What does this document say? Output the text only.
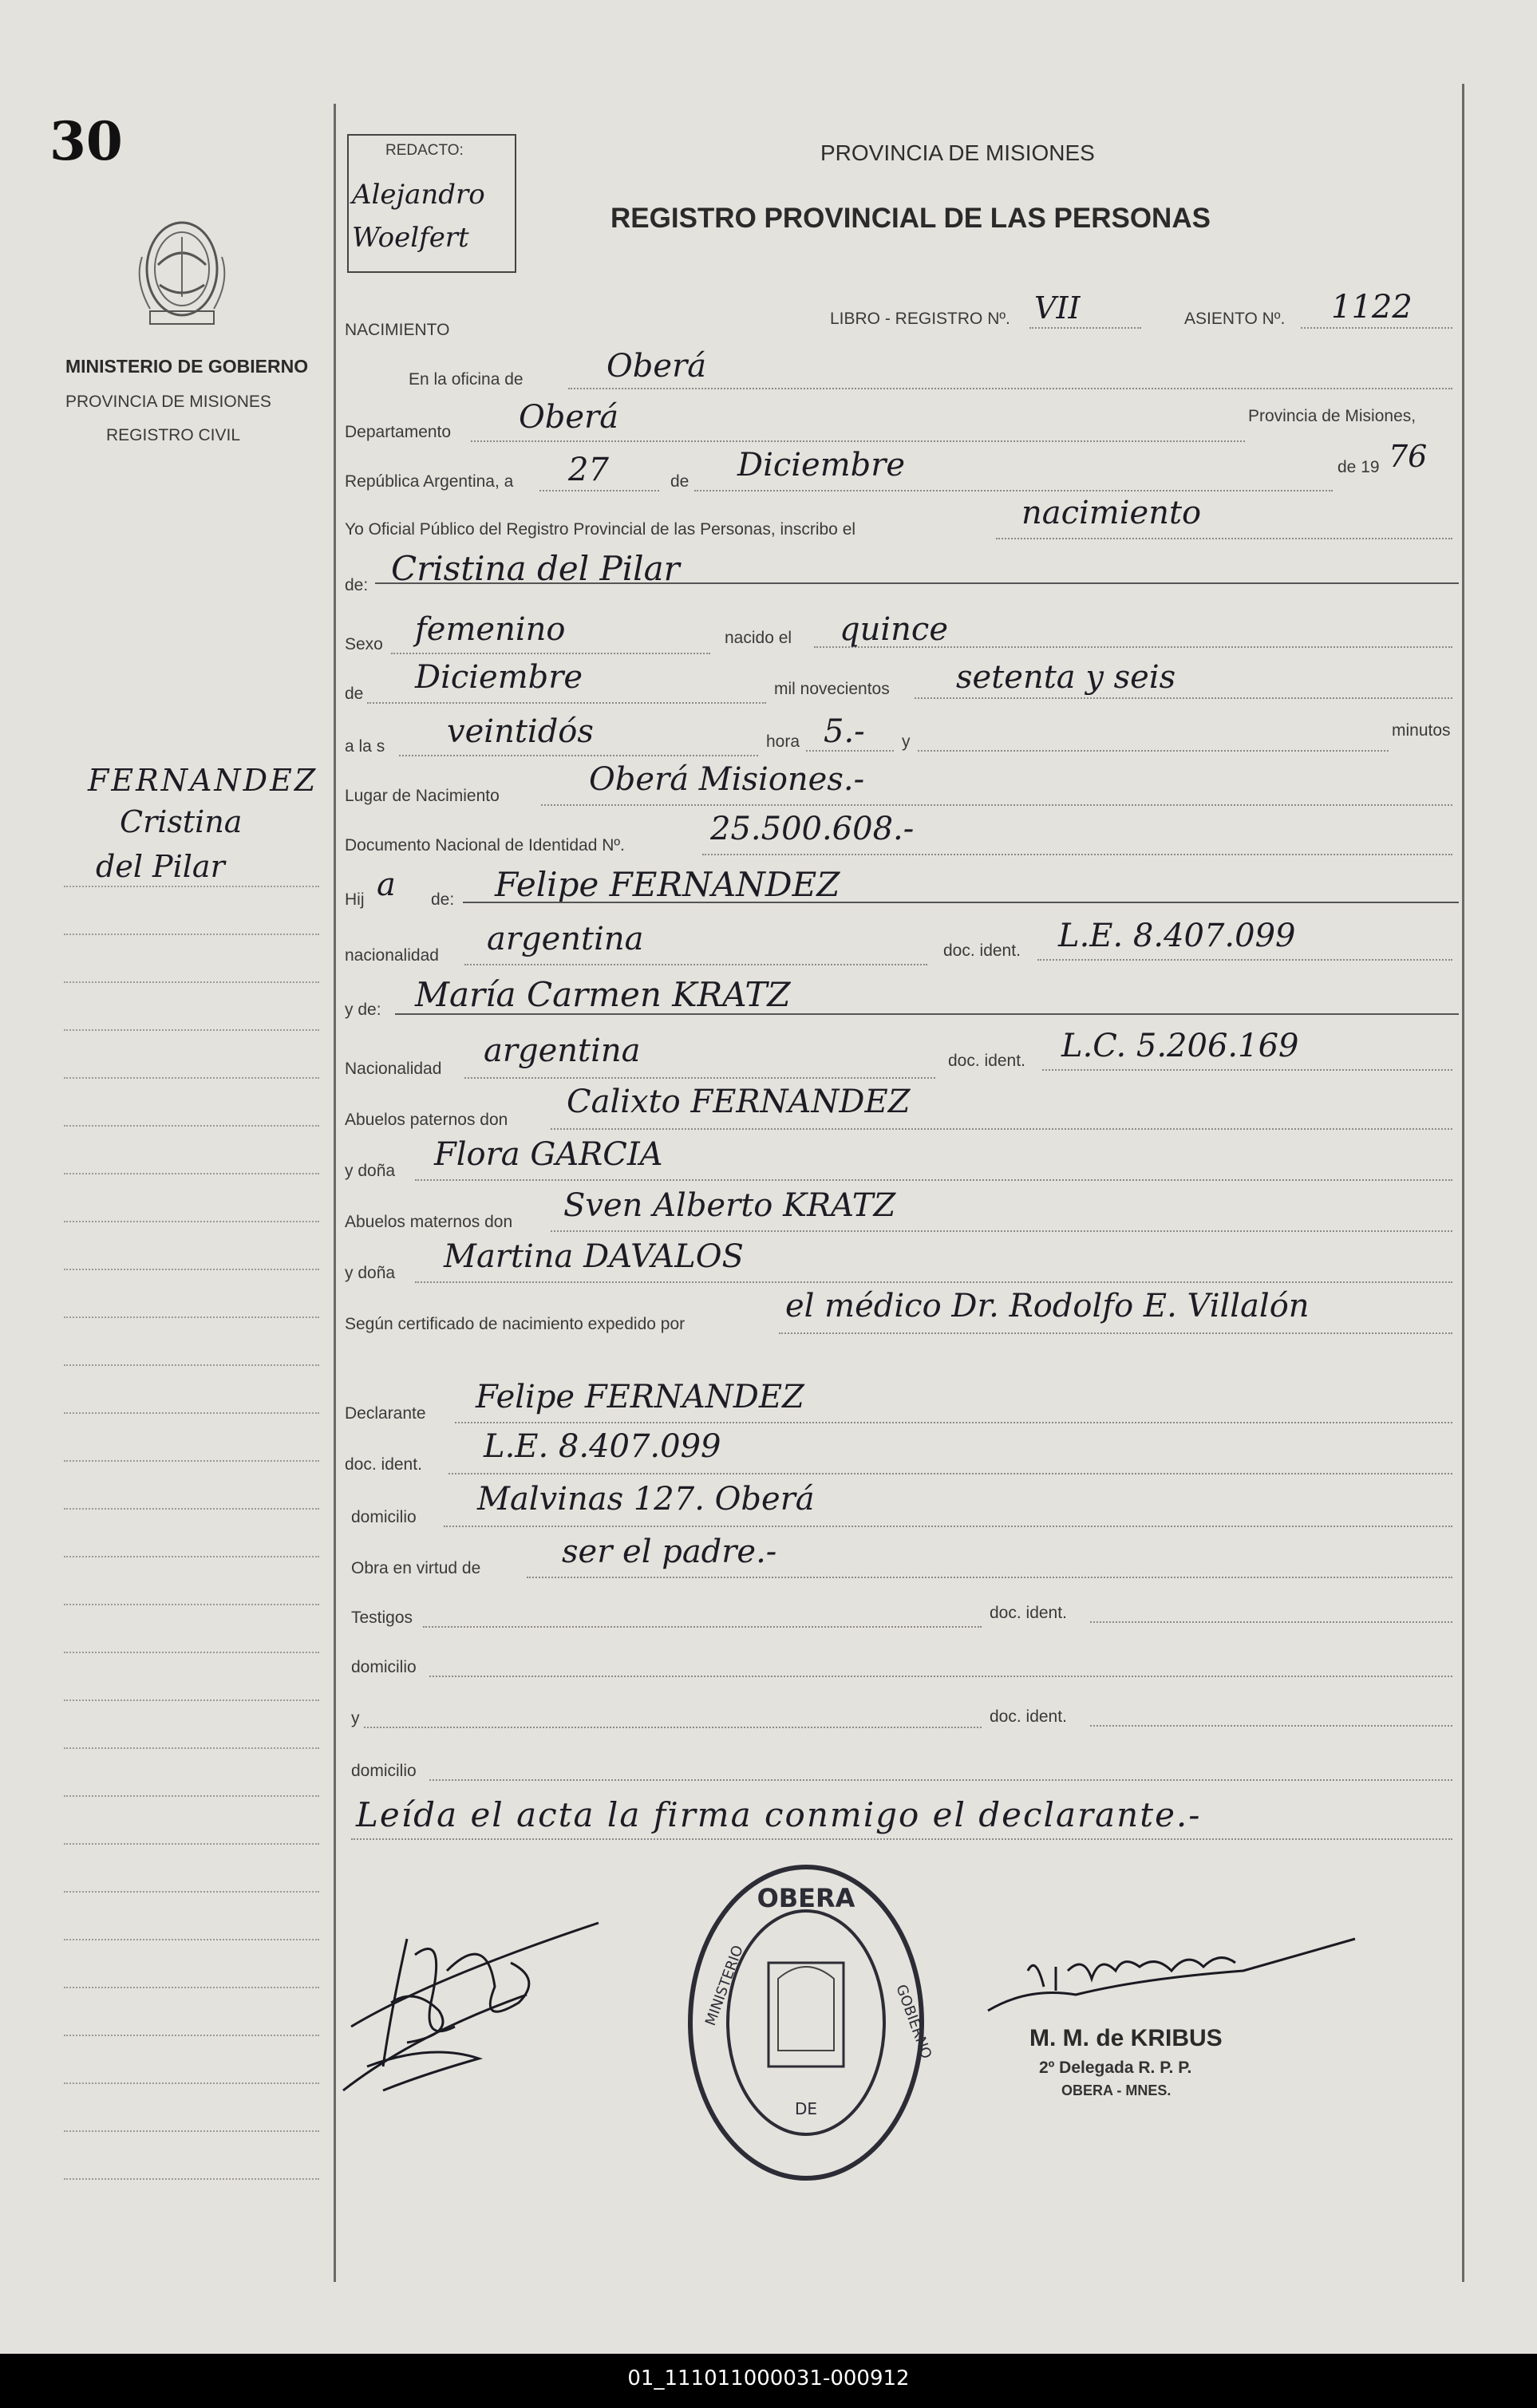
30
MINISTERIO DE GOBIERNO
PROVINCIA DE MISIONES
REGISTRO CIVIL
FERNANDEZ
Cristina
del Pilar
REDACTO:
Alejandro
Woelfert
PROVINCIA DE MISIONES
REGISTRO PROVINCIAL DE LAS PERSONAS
NACIMIENTO
LIBRO - REGISTRO Nº. VII	ASIENTO Nº. 1122
En la oficina de	Oberá
Departamento Oberá	Provincia de Misiones,
República Argentina, a 27	de Diciembre	de 19 76
Yo Oficial Público del Registro Provincial de las Personas, inscribo el	nacimiento
de: Cristina del Pilar
Sexo femenino	nacido el quince
de Diciembre	mil novecientos setenta y seis
a la s veintidós	hora 5.- y
minutos
Lugar de Nacimiento	Oberá Misiones.-
Documento Nacional de Identidad Nº.	25.500.608.-
Hij a de: Felipe FERNANDEZ
nacionalidad argentina	doc. ident. L.E. 8.407.099
y de: María Carmen KRATZ
Nacionalidad argentina	doc. ident. L.C. 5.206.169
Abuelos paternos don Calixto FERNANDEZ
y doña Flora GARCIA
Abuelos maternos don Sven Alberto KRATZ
y doña Martina DAVALOS
Según certificado de nacimiento expedido por	el médico Dr. Rodolfo E. Villalón
Declarante Felipe FERNANDEZ
doc. ident. L.E. 8.407.099
domicilio Malvinas 127. Oberá
Obra en virtud de	ser el padre.-
Testigos	doc. ident.
domicilio
y	doc. ident.
domicilio
Leída el acta la firma conmigo el declarante.-
OBERA
MINISTERIO	GOBIERNO
DE
M. M. de KRIBUS
2º Delegada R. P. P.
OBERA - MNES.
01_111011000031-000912
